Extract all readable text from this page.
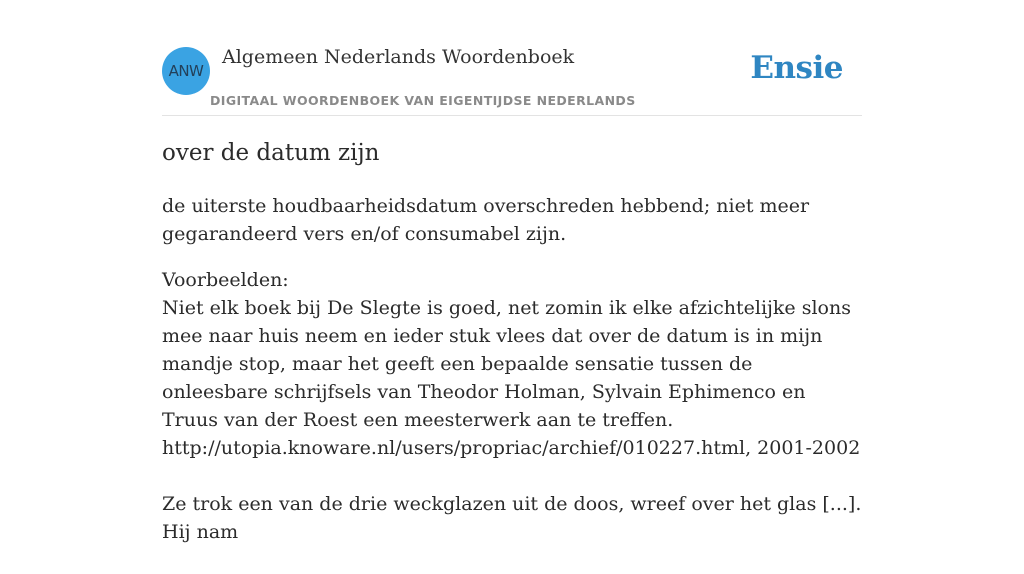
ANW
Algemeen Nederlands Woordenboek
DIGITAAL WOORDENBOEK VAN EIGENTIJDSE NEDERLANDS
Ensie
over de datum zijn

de uiterste houdbaarheidsdatum overschreden hebbend; niet meer gegarandeerd vers en/of consumabel zijn.

Voorbeelden:
Niet elk boek bij De Slegte is goed, net zomin ik elke afzichtelijke slons mee naar huis neem en ieder stuk vlees dat over de datum is in mijn mandje stop, maar het geeft een bepaalde sensatie tussen de onleesbare schrijfsels van Theodor Holman, Sylvain Ephimenco en Truus van der Roest een meesterwerk aan te treffen.
http://utopia.knoware.nl/users/propriac/archief/010227.html, 2001-2002
Ze trok een van de drie weckglazen uit de doos, wreef over het glas [...]. Hij nam
